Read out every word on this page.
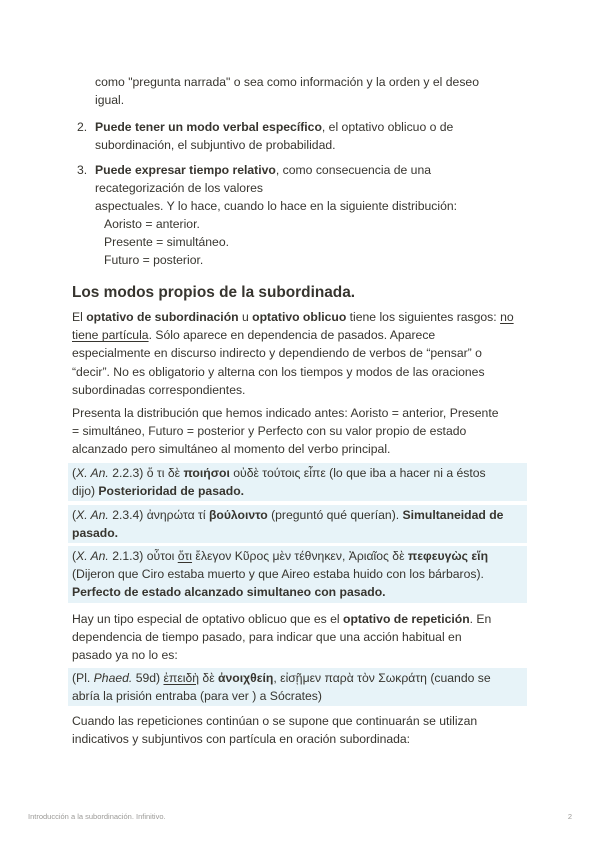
como "pregunta narrada" o sea como información y la orden y el deseo
igual.
2. Puede tener un modo verbal específico, el optativo oblicuo o de
subordinación, el subjuntivo de probabilidad.
3. Puede expresar tiempo relativo, como consecuencia de una
recategorización de los valores
aspectuales. Y lo hace, cuando lo hace en la siguiente distribución:
Aoristo = anterior.
Presente = simultáneo.
Futuro = posterior.
Los modos propios de la subordinada.
El optativo de subordinación u optativo oblicuo tiene los siguientes rasgos: no
tiene partícula. Sólo aparece en dependencia de pasados. Aparece
especialmente en discurso indirecto y dependiendo de verbos de “pensar” o
“decir”. No es obligatorio y alterna con los tiempos y modos de las oraciones
subordinadas correspondientes.
Presenta la distribución que hemos indicado antes: Aoristo = anterior, Presente
= simultáneo, Futuro = posterior y Perfecto con su valor propio de estado
alcanzado pero simultáneo al momento del verbo principal.
(X. An. 2.2.3) ὅ τι δὲ ποιήσοι οὐδὲ τούτοις εἶπε (lo que iba a hacer ni a éstos
dijo) Posterioridad de pasado.
(X. An. 2.3.4) ἀνηρώτα τί βούλοιντο (preguntó qué querían). Simultaneidad de
pasado.
(X. An. 2.1.3) οὗτοι ὅτι ἔλεγον Κῦρος μὲν τέθνηκεν, Ἀριαῖος δὲ πεφευγὼς εἴη
(Dijeron que Ciro estaba muerto y que Aireo estaba huido con los bárbaros).
Perfecto de estado alcanzado simultaneo con pasado.
Hay un tipo especial de optativo oblicuo que es el optativo de repetición. En
dependencia de tiempo pasado, para indicar que una acción habitual en
pasado ya no lo es:
(Pl. Phaed. 59d) ἐπειδὴ δὲ ἀνοιχθείη, εἰσῇμεν παρὰ τὸν Σωκράτη (cuando se
abría la prisión entraba (para ver ) a Sócrates)
Cuando las repeticiones continúan o se supone que continuarán se utilizan
indicativos y subjuntivos con partícula en oración subordinada:
Introducción a la subordinación. Infinitivo.	2
